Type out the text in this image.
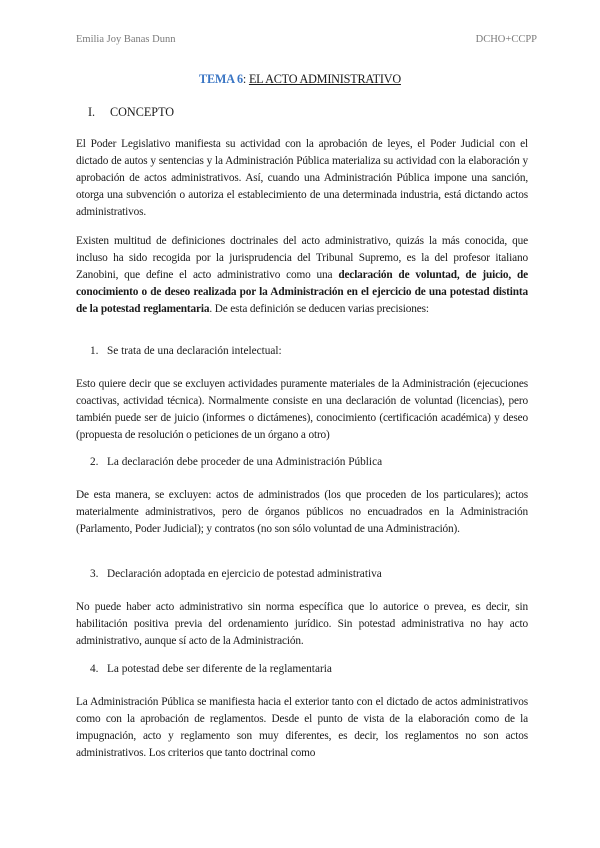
Emilia Joy Banas Dunn	DCHO+CCPP
TEMA 6: EL ACTO ADMINISTRATIVO
I.	CONCEPTO
El Poder Legislativo manifiesta su actividad con la aprobación de leyes, el Poder Judicial con el dictado de autos y sentencias y la Administración Pública materializa su actividad con la elaboración y aprobación de actos administrativos. Así, cuando una Administración Pública impone una sanción, otorga una subvención o autoriza el establecimiento de una determinada industria, está dictando actos administrativos.
Existen multitud de definiciones doctrinales del acto administrativo, quizás la más conocida, que incluso ha sido recogida por la jurisprudencia del Tribunal Supremo, es la del profesor italiano Zanobini, que define el acto administrativo como una declaración de voluntad, de juicio, de conocimiento o de deseo realizada por la Administración en el ejercicio de una potestad distinta de la potestad reglamentaria. De esta definición se deducen varias precisiones:
1. Se trata de una declaración intelectual:
Esto quiere decir que se excluyen actividades puramente materiales de la Administración (ejecuciones coactivas, actividad técnica). Normalmente consiste en una declaración de voluntad (licencias), pero también puede ser de juicio (informes o dictámenes), conocimiento (certificación académica) y deseo (propuesta de resolución o peticiones de un órgano a otro)
2. La declaración debe proceder de una Administración Pública
De esta manera, se excluyen: actos de administrados (los que proceden de los particulares); actos materialmente administrativos, pero de órganos públicos no encuadrados en la Administración (Parlamento, Poder Judicial); y contratos (no son sólo voluntad de una Administración).
3. Declaración adoptada en ejercicio de potestad administrativa
No puede haber acto administrativo sin norma específica que lo autorice o prevea, es decir, sin habilitación positiva previa del ordenamiento jurídico. Sin potestad administrativa no hay acto administrativo, aunque sí acto de la Administración.
4. La potestad debe ser diferente de la reglamentaria
La Administración Pública se manifiesta hacia el exterior tanto con el dictado de actos administrativos como con la aprobación de reglamentos. Desde el punto de vista de la elaboración como de la impugnación, acto y reglamento son muy diferentes, es decir, los reglamentos no son actos administrativos. Los criterios que tanto doctrinal como
